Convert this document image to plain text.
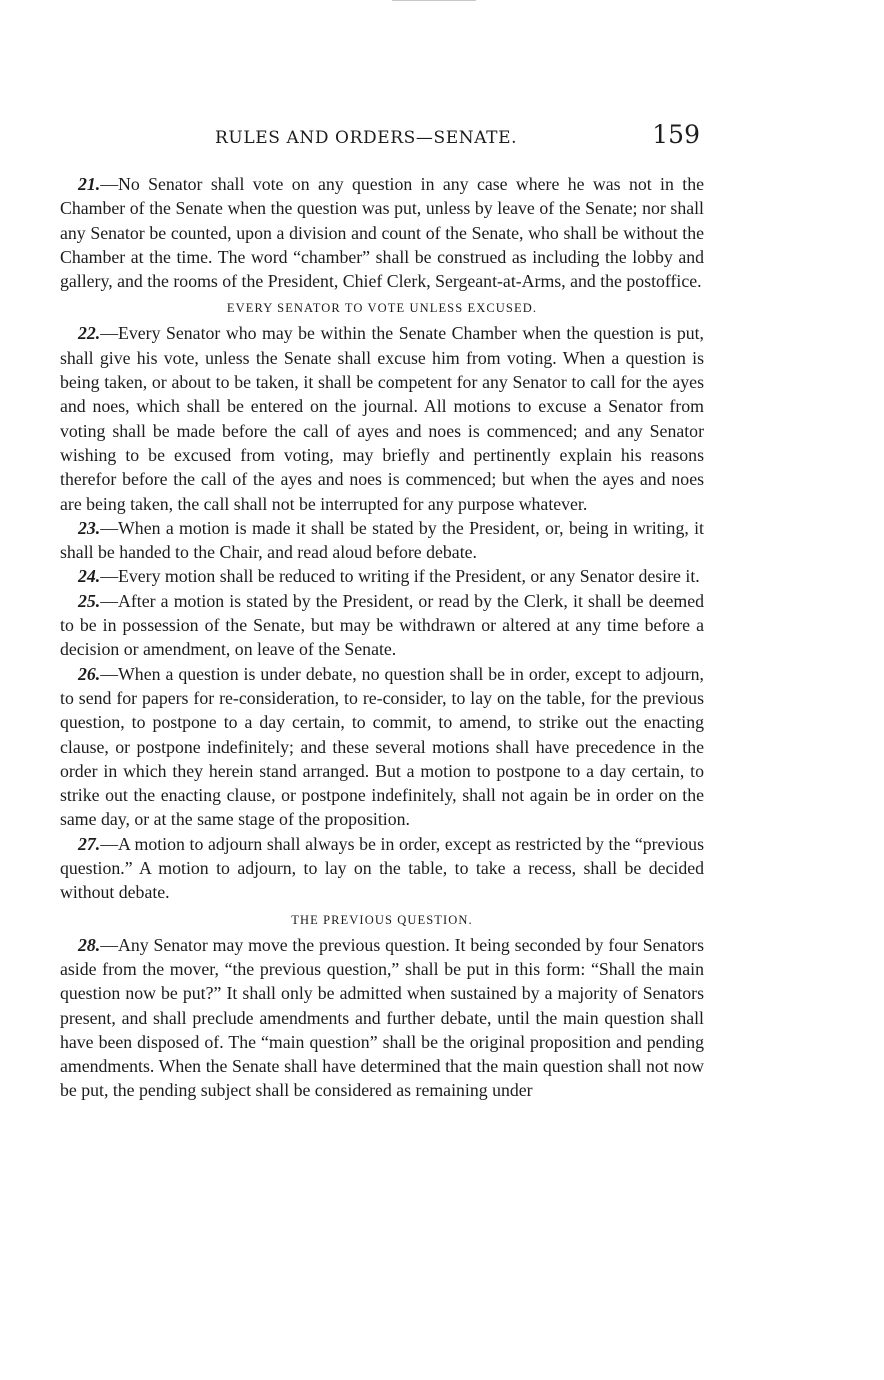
RULES AND ORDERS—SENATE.	159

21.—No Senator shall vote on any question in any case where he was not in the Chamber of the Senate when the question was put, unless by leave of the Senate; nor shall any Senator be counted, upon a division and count of the Senate, who shall be without the Chamber at the time. The word “chamber” shall be construed as including the lobby and gallery, and the rooms of the President, Chief Clerk, Sergeant-at-Arms, and the postoffice.

EVERY SENATOR TO VOTE UNLESS EXCUSED.

22.—Every Senator who may be within the Senate Chamber when the question is put, shall give his vote, unless the Senate shall excuse him from voting. When a question is being taken, or about to be taken, it shall be competent for any Senator to call for the ayes and noes, which shall be entered on the journal. All motions to excuse a Senator from voting shall be made before the call of ayes and noes is commenced; and any Senator wishing to be excused from voting, may briefly and pertinently explain his reasons therefor before the call of the ayes and noes is commenced; but when the ayes and noes are being taken, the call shall not be interrupted for any purpose whatever.

23.—When a motion is made it shall be stated by the President, or, being in writing, it shall be handed to the Chair, and read aloud before debate.

24.—Every motion shall be reduced to writing if the President, or any Senator desire it.

25.—After a motion is stated by the President, or read by the Clerk, it shall be deemed to be in possession of the Senate, but may be withdrawn or altered at any time before a decision or amendment, on leave of the Senate.

26.—When a question is under debate, no question shall be in order, except to adjourn, to send for papers for re-consideration, to re-consider, to lay on the table, for the previous question, to postpone to a day certain, to commit, to amend, to strike out the enacting clause, or postpone indefinitely; and these several motions shall have precedence in the order in which they herein stand arranged. But a motion to postpone to a day certain, to strike out the enacting clause, or postpone indefinitely, shall not again be in order on the same day, or at the same stage of the proposition.

27.—A motion to adjourn shall always be in order, except as restricted by the “previous question.” A motion to adjourn, to lay on the table, to take a recess, shall be decided without debate.

THE PREVIOUS QUESTION.

28.—Any Senator may move the previous question. It being seconded by four Senators aside from the mover, “the previous question,” shall be put in this form: “Shall the main question now be put?” It shall only be admitted when sustained by a majority of Senators present, and shall preclude amendments and further debate, until the main question shall have been disposed of. The “main question” shall be the original proposition and pending amendments. When the Senate shall have determined that the main question shall not now be put, the pending subject shall be considered as remaining under
